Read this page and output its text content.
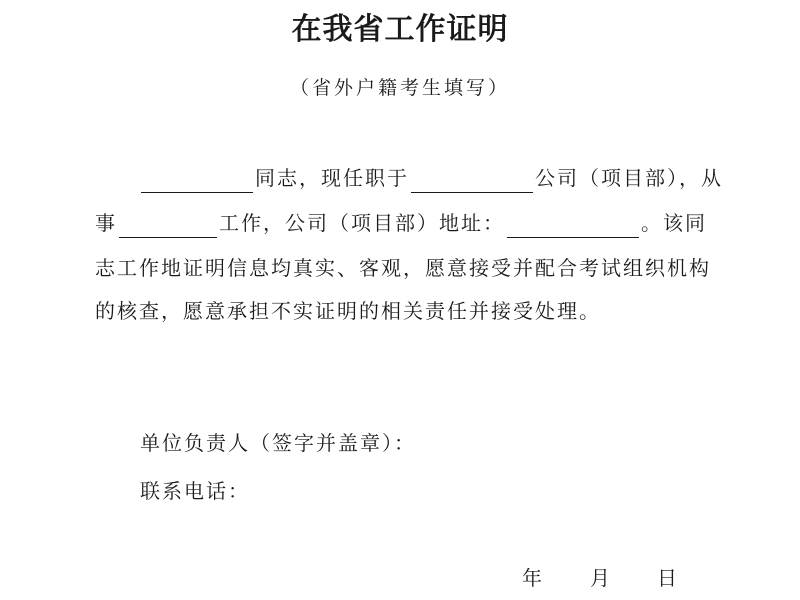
在我省工作证明
（省外户籍考生填写）
同志，现任职于	公司（项目部），从
事	工作，公司（项目部）地址：	。该同
志工作地证明信息均真实、客观，愿意接受并配合考试组织机构
的核查，愿意承担不实证明的相关责任并接受处理。
单位负责人（签字并盖章）：
联系电话：
年 月 日
